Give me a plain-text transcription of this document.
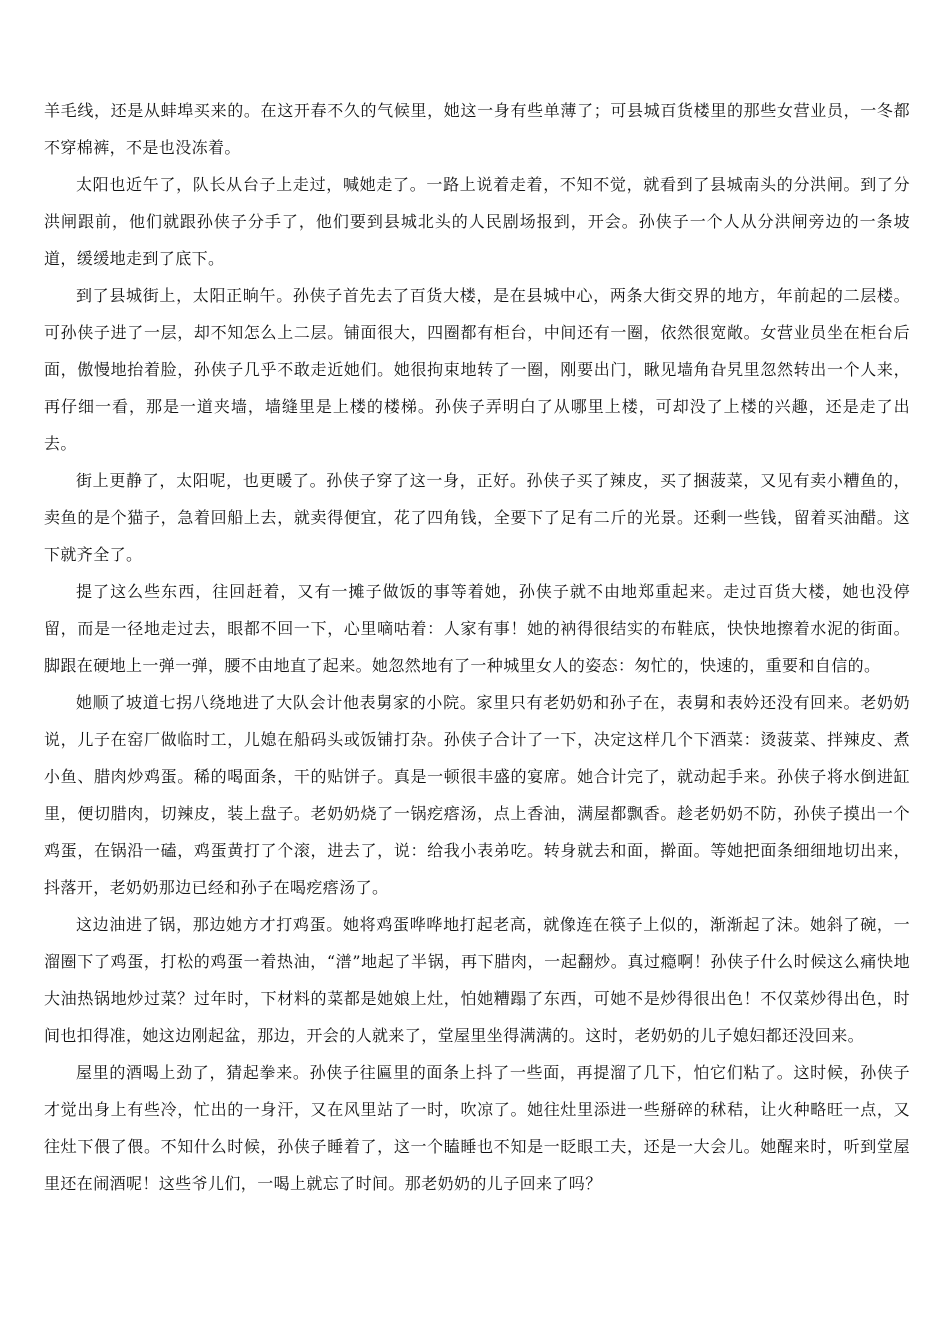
羊毛线，还是从蚌埠买来的。在这开春不久的气候里，她这一身有些单薄了；可县城百货楼里的那些女营业员，一冬都不穿棉裤，不是也没冻着。

太阳也近午了，队长从台子上走过，喊她走了。一路上说着走着，不知不觉，就看到了县城南头的分洪闸。到了分洪闸跟前，他们就跟孙侠子分手了，他们要到县城北头的人民剧场报到，开会。孙侠子一个人从分洪闸旁边的一条坡道，缓缓地走到了底下。

到了县城街上，太阳正晌午。孙侠子首先去了百货大楼，是在县城中心，两条大街交界的地方，年前起的二层楼。可孙侠子进了一层，却不知怎么上二层。铺面很大，四圈都有柜台，中间还有一圈，依然很宽敞。女营业员坐在柜台后面，傲慢地抬着脸，孙侠子几乎不敢走近她们。她很拘束地转了一圈，刚要出门，瞅见墙角旮旯里忽然转出一个人来，再仔细一看，那是一道夹墙，墙缝里是上楼的楼梯。孙侠子弄明白了从哪里上楼，可却没了上楼的兴趣，还是走了出去。

街上更静了，太阳呢，也更暖了。孙侠子穿了这一身，正好。孙侠子买了辣皮，买了捆菠菜，又见有卖小糟鱼的，卖鱼的是个猫子，急着回船上去，就卖得便宜，花了四角钱，全要下了足有二斤的光景。还剩一些钱，留着买油醋。这下就齐全了。

提了这么些东西，往回赶着，又有一摊子做饭的事等着她，孙侠子就不由地郑重起来。走过百货大楼，她也没停留，而是一径地走过去，眼都不回一下，心里嘀咕着：人家有事！她的衲得很结实的布鞋底，快快地擦着水泥的街面。脚跟在硬地上一弹一弹，腰不由地直了起来。她忽然地有了一种城里女人的姿态：匆忙的，快速的，重要和自信的。

她顺了坡道七拐八绕地进了大队会计他表舅家的小院。家里只有老奶奶和孙子在，表舅和表妗还没有回来。老奶奶说，儿子在窑厂做临时工，儿媳在船码头或饭铺打杂。孙侠子合计了一下，决定这样几个下酒菜：烫菠菜、拌辣皮、煮小鱼、腊肉炒鸡蛋。稀的喝面条，干的贴饼子。真是一顿很丰盛的宴席。她合计完了，就动起手来。孙侠子将水倒进缸里，便切腊肉，切辣皮，装上盘子。老奶奶烧了一锅疙瘩汤，点上香油，满屋都飘香。趁老奶奶不防，孙侠子摸出一个鸡蛋，在锅沿一磕，鸡蛋黄打了个滚，进去了，说：给我小表弟吃。转身就去和面，擀面。等她把面条细细地切出来，抖落开，老奶奶那边已经和孙子在喝疙瘩汤了。

这边油进了锅，那边她方才打鸡蛋。她将鸡蛋哗哗地打起老高，就像连在筷子上似的，渐渐起了沫。她斜了碗，一溜圈下了鸡蛋，打松的鸡蛋一着热油，“潽”地起了半锅，再下腊肉，一起翻炒。真过瘾啊！孙侠子什么时候这么痛快地大油热锅地炒过菜？过年时，下材料的菜都是她娘上灶，怕她糟蹋了东西，可她不是炒得很出色！不仅菜炒得出色，时间也扣得准，她这边刚起盆，那边，开会的人就来了，堂屋里坐得满满的。这时，老奶奶的儿子媳妇都还没回来。

屋里的酒喝上劲了，猜起拳来。孙侠子往匾里的面条上抖了一些面，再提溜了几下，怕它们粘了。这时候，孙侠子才觉出身上有些冷，忙出的一身汗，又在风里站了一时，吹凉了。她往灶里添进一些掰碎的秫秸，让火种略旺一点，又往灶下偎了偎。不知什么时候，孙侠子睡着了，这一个瞌睡也不知是一眨眼工夫，还是一大会儿。她醒来时，听到堂屋里还在闹酒呢！这些爷儿们，一喝上就忘了时间。那老奶奶的儿子回来了吗？
